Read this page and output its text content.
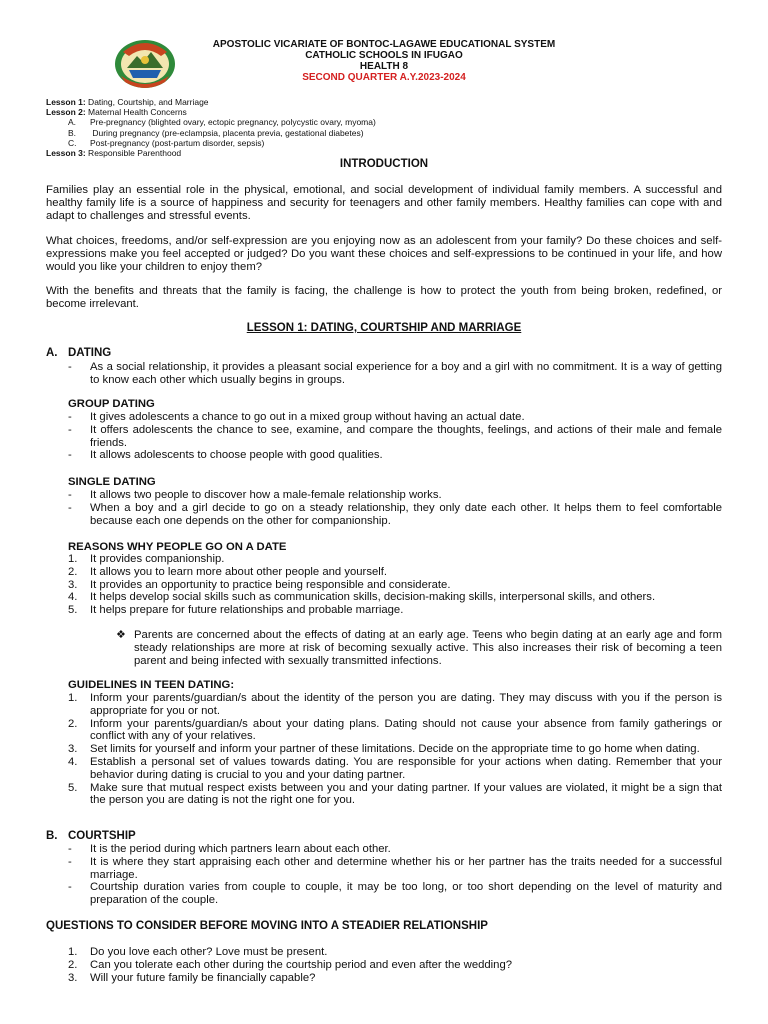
APOSTOLIC VICARIATE OF BONTOC-LAGAWE EDUCATIONAL SYSTEM
CATHOLIC SCHOOLS IN IFUGAO
HEALTH 8
SECOND QUARTER A.Y.2023-2024
Lesson 1: Dating, Courtship, and Marriage
Lesson 2: Maternal Health Concerns
A. Pre-pregnancy (blighted ovary, ectopic pregnancy, polycystic ovary, myoma)
B. During pregnancy (pre-eclampsia, placenta previa, gestational diabetes)
C. Post-pregnancy (post-partum disorder, sepsis)
Lesson 3: Responsible Parenthood
INTRODUCTION
Families play an essential role in the physical, emotional, and social development of individual family members. A successful and healthy family life is a source of happiness and security for teenagers and other family members. Healthy families can cope with and adapt to challenges and stressful events.
What choices, freedoms, and/or self-expression are you enjoying now as an adolescent from your family? Do these choices and self-expressions make you feel accepted or judged? Do you want these choices and self-expressions to be continued in your life, and how would you like your children to enjoy them?
With the benefits and threats that the family is facing, the challenge is how to protect the youth from being broken, redefined, or become irrelevant.
LESSON 1: DATING, COURTSHIP AND MARRIAGE
A. DATING
-	As a social relationship, it provides a pleasant social experience for a boy and a girl with no commitment. It is a way of getting to know each other which usually begins in groups.
GROUP DATING
-	It gives adolescents a chance to go out in a mixed group without having an actual date.
-	It offers adolescents the chance to see, examine, and compare the thoughts, feelings, and actions of their male and female friends.
-	It allows adolescents to choose people with good qualities.
SINGLE DATING
-	It allows two people to discover how a male-female relationship works.
-	When a boy and a girl decide to go on a steady relationship, they only date each other. It helps them to feel comfortable because each one depends on the other for companionship.
REASONS WHY PEOPLE GO ON A DATE
1.	It provides companionship.
2.	It allows you to learn more about other people and yourself.
3.	It provides an opportunity to practice being responsible and considerate.
4.	It helps develop social skills such as communication skills, decision-making skills, interpersonal skills, and others.
5.	It helps prepare for future relationships and probable marriage.
❖ Parents are concerned about the effects of dating at an early age. Teens who begin dating at an early age and form steady relationships are more at risk of becoming sexually active. This also increases their risk of becoming a teen parent and being infected with sexually transmitted infections.
GUIDELINES IN TEEN DATING:
1.	Inform your parents/guardian/s about the identity of the person you are dating. They may discuss with you if the person is appropriate for you or not.
2.	Inform your parents/guardian/s about your dating plans. Dating should not cause your absence from family gatherings or conflict with any of your relatives.
3.	Set limits for yourself and inform your partner of these limitations. Decide on the appropriate time to go home when dating.
4.	Establish a personal set of values towards dating. You are responsible for your actions when dating. Remember that your behavior during dating is crucial to you and your dating partner.
5.	Make sure that mutual respect exists between you and your dating partner. If your values are violated, it might be a sign that the person you are dating is not the right one for you.
B. COURTSHIP
-	It is the period during which partners learn about each other.
-	It is where they start appraising each other and determine whether his or her partner has the traits needed for a successful marriage.
-	Courtship duration varies from couple to couple, it may be too long, or too short depending on the level of maturity and preparation of the couple.
QUESTIONS TO CONSIDER BEFORE MOVING INTO A STEADIER RELATIONSHIP
1. Do you love each other? Love must be present.
2. Can you tolerate each other during the courtship period and even after the wedding?
3. Will your future family be financially capable?
